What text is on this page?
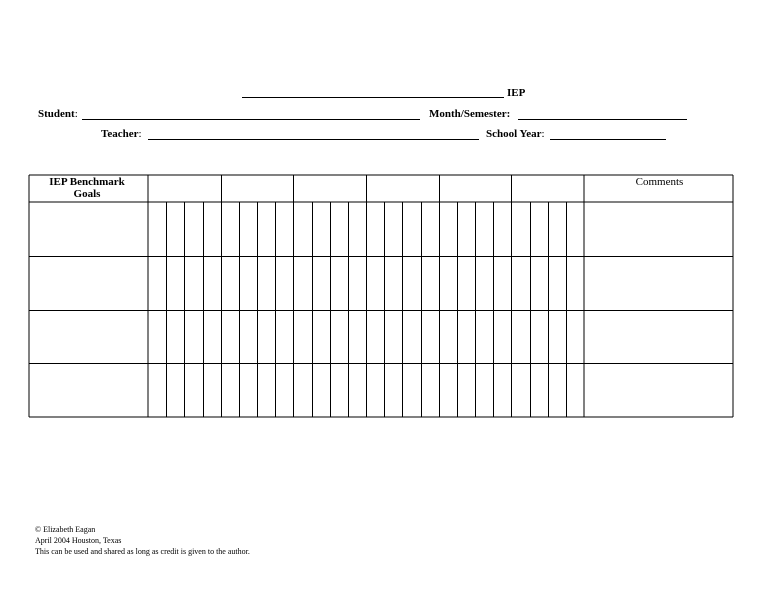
IEP
Student:	Month/Semester:
Teacher:	School Year:
IEP Benchmark
Goals
Comments
© Elizabeth Eagan
April 2004 Houston, Texas
This can be used and shared as long as credit is given to the author.
